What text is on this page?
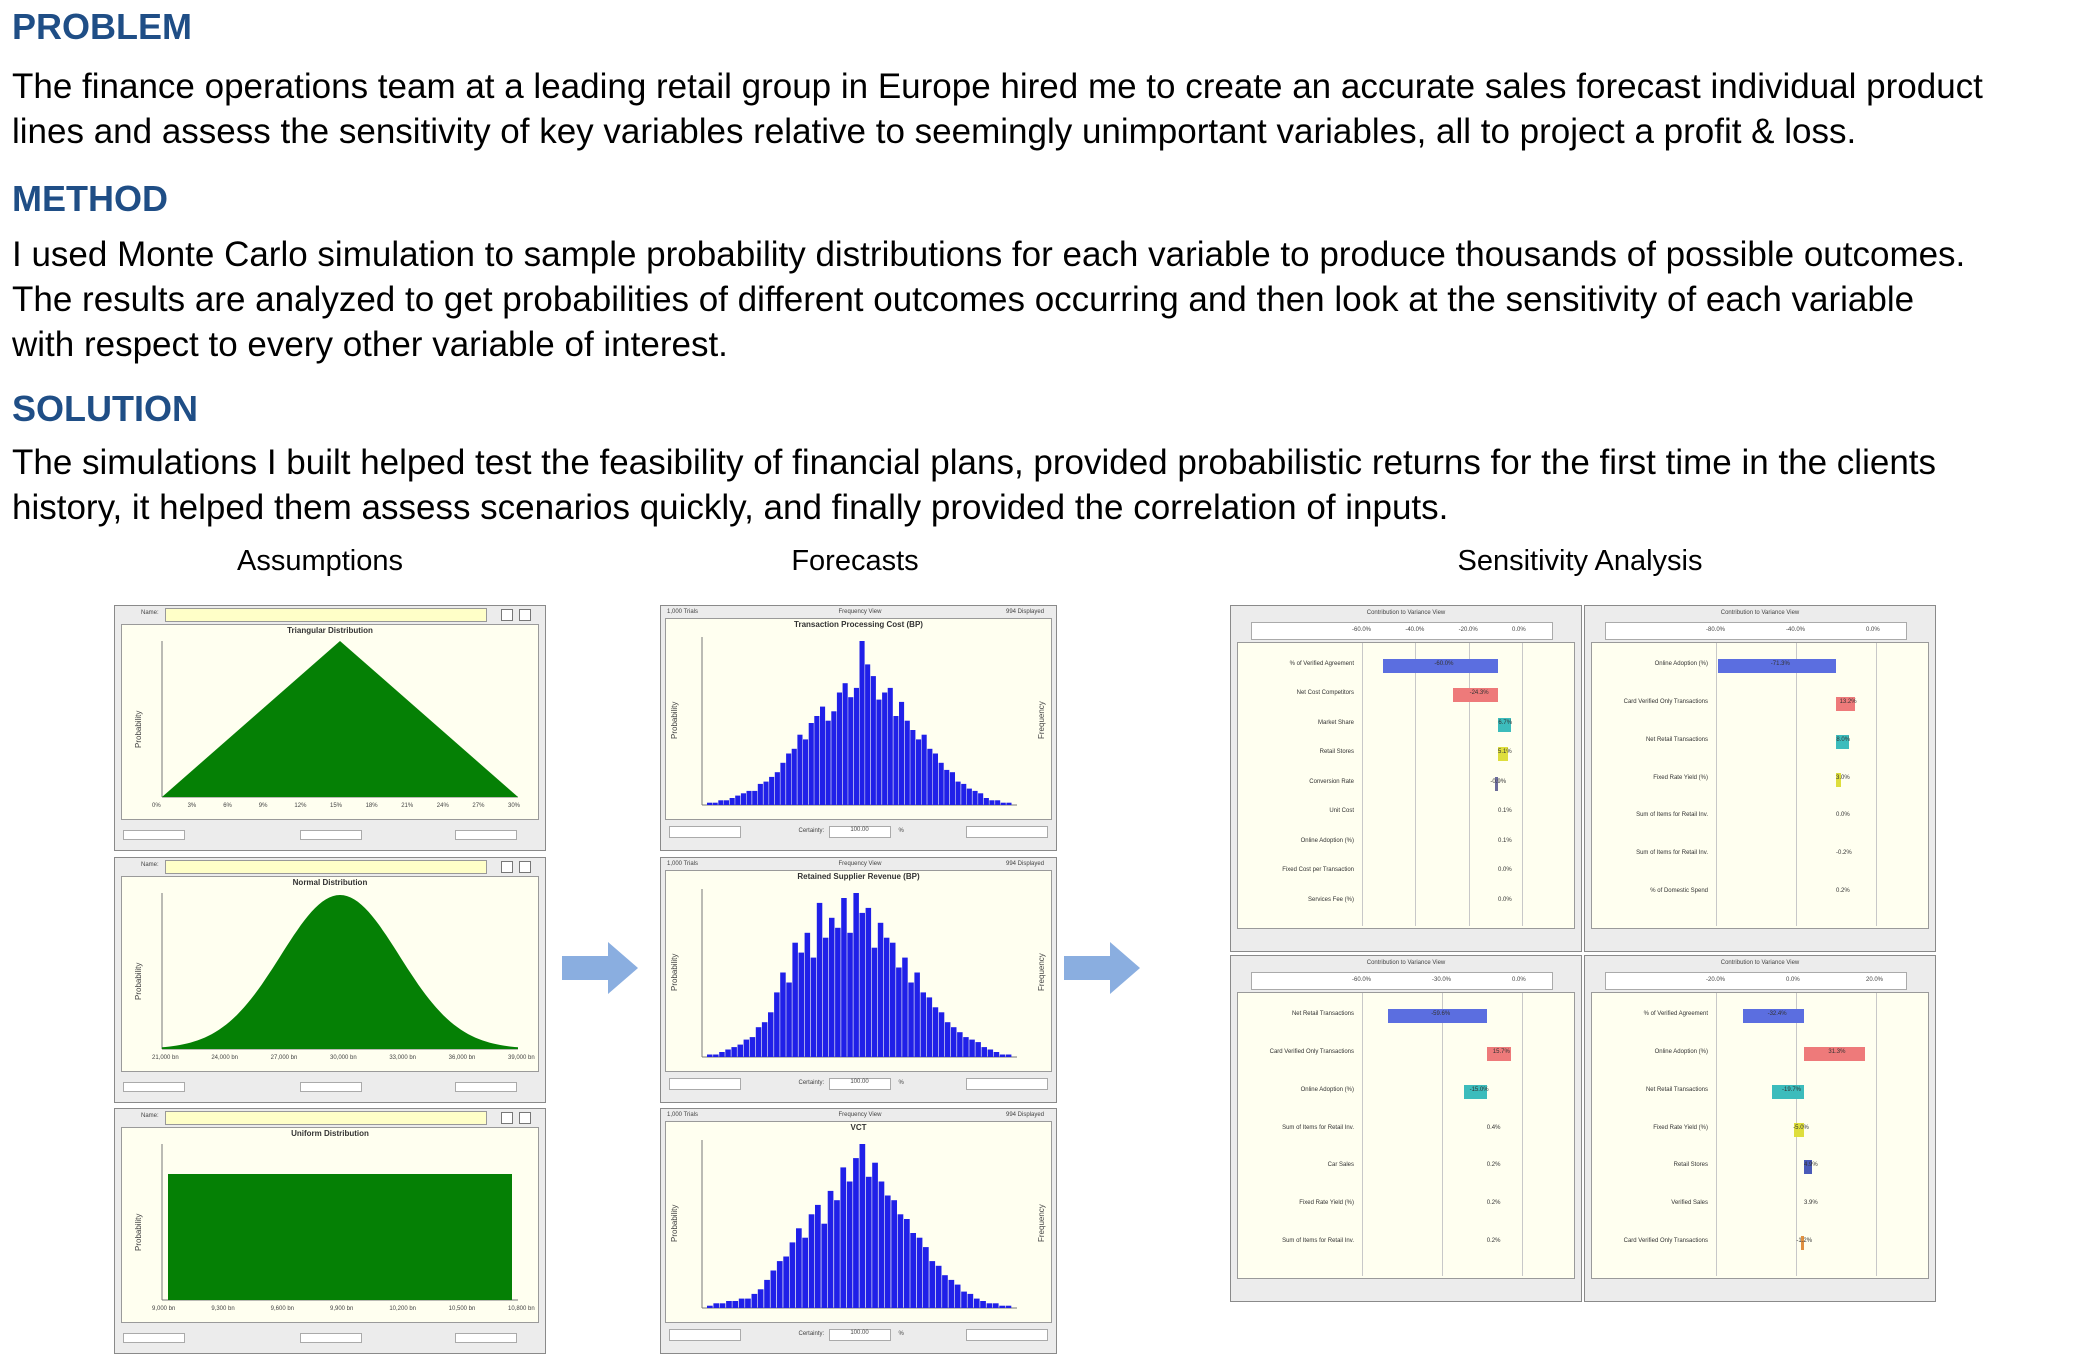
PROBLEM

The finance operations team at a leading retail group in Europe hired me to create an accurate sales forecast individual product
lines and assess the sensitivity of key variables relative to seemingly unimportant variables, all to project a profit & loss.

METHOD

I used Monte Carlo simulation to sample probability distributions for each variable to produce thousands of possible outcomes.
The results are analyzed to get probabilities of different outcomes occurring and then look at the sensitivity of each variable
with respect to every other variable of interest.

SOLUTION

The simulations I built helped test the feasibility of financial plans, provided probabilistic returns for the first time in the clients
history, it helped them assess scenarios quickly, and finally provided the correlation of inputs.

Assumptions	Forecasts	Sensitivity Analysis
Name:
Triangular Distribution
Probability
0%	3%	6%	9%	12%	15%	18%	21%	24%	27%	30%
Name:
Normal Distribution
Probability
21,000 bn	24,000 bn	27,000 bn	30,000 bn	33,000 bn	36,000 bn	39,000 bn
Name:
Uniform Distribution
Probability
9,000 bn	9,300 bn	9,600 bn	9,900 bn	10,200 bn	10,500 bn	10,800 bn
1,000 Trials	Frequency View	994 Displayed
Transaction Processing Cost (BP)
Probability	Frequency
Certainty:	100.00	%
1,000 Trials	Frequency View	994 Displayed
Retained Supplier Revenue (BP)
Probability	Frequency
Certainty:	100.00	%
1,000 Trials	Frequency View	994 Displayed
VCT
Probability	Frequency
Certainty:	100.00	%
Contribution to Variance View
-60.0%	-40.0%	-20.0%	0.0%
% of Verified Agreement	-60.0%
Net Cost Competitors	-24.3%
Market Share	6.7%
Retail Stores	5.1%
Conversion Rate	-0.9%
Unit Cost	0.1%
Online Adoption (%)	0.1%
Fixed Cost per Transaction	0.0%
Services Fee (%)	0.0%
Contribution to Variance View
-80.0%	-40.0%	0.0%
Online Adoption (%)	-71.3%
Card Verified Only Transactions	13.2%
Net Retail Transactions	8.0%
Fixed Rate Yield (%)	3.0%
Sum of Items for Retail Inv.	0.0%
Sum of Items for Retail Inv.	-0.2%
% of Domestic Spend	0.2%
Contribution to Variance View
-60.0%	-30.0%	0.0%
Net Retail Transactions	-59.6%
Card Verified Only Transactions	15.7%
Online Adoption (%)	-15.0%
Sum of Items for Retail Inv.	0.4%
Car Sales	0.2%
Fixed Rate Yield (%)	0.2%
Sum of Items for Retail Inv.	0.2%
Contribution to Variance View
-20.0%	0.0%	20.0%
% of Verified Agreement	-32.4%
Online Adoption (%)	31.3%
Net Retail Transactions	-19.7%
Fixed Rate Yield (%)	-5.0%
Retail Stores	4.9%
Verified Sales	3.9%
Card Verified Only Transactions	-1.2%
